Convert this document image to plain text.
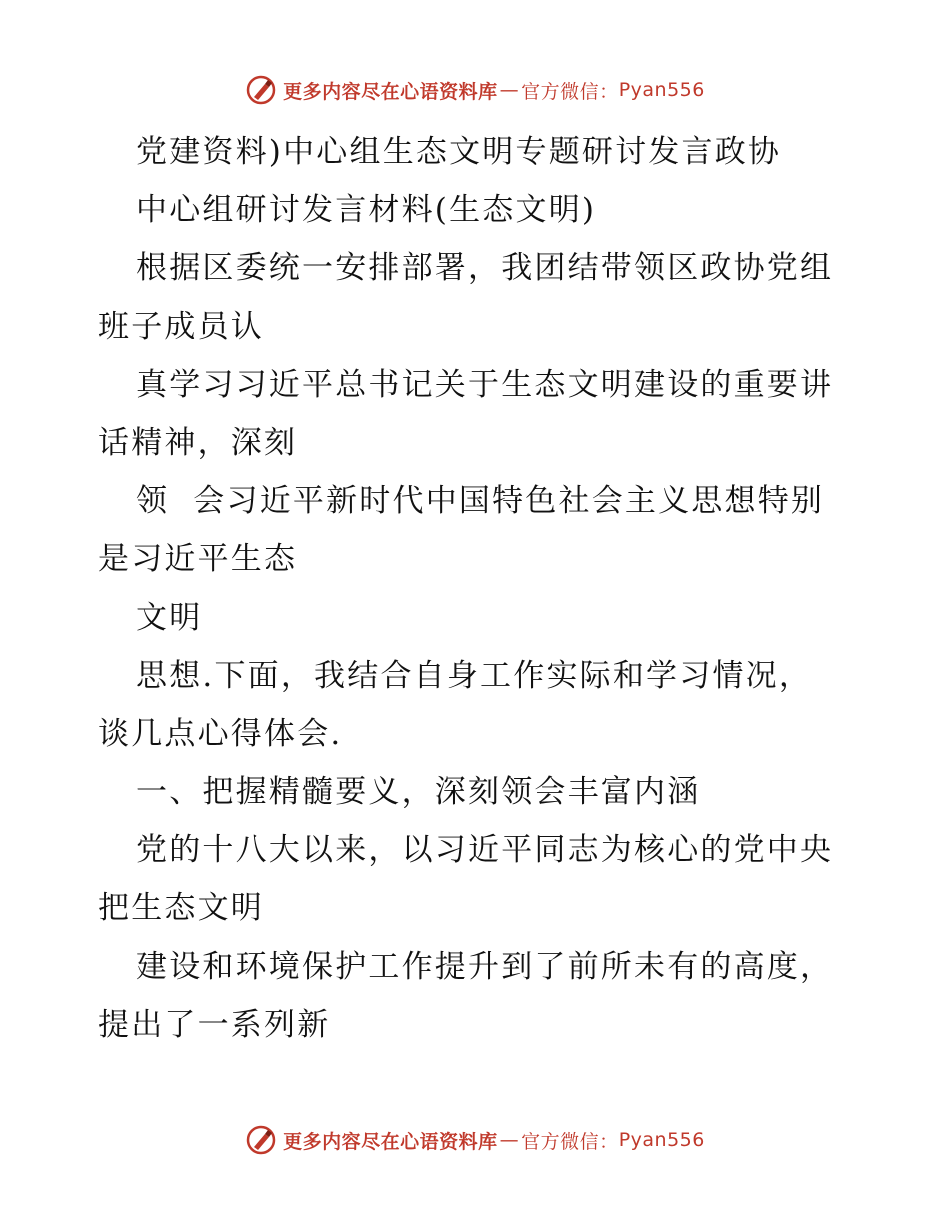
更多内容尽在心语资料库 — 官方微信： Pyan556
党建资料)中心组生态文明专题研讨发言政协
中心组研讨发言材料(生态文明)
根据区委统一安排部署，我团结带领区政协党组
班子成员认
真学习习近平总书记关于生态文明建设的重要讲
话精神，深刻
领  会习近平新时代中国特色社会主义思想特别
是习近平生态
文明
思想.下面，我结合自身工作实际和学习情况，
谈几点心得体会.
一、把握精髓要义，深刻领会丰富内涵
党的十八大以来，以习近平同志为核心的党中央
把生态文明
建设和环境保护工作提升到了前所未有的高度，
提出了一系列新
更多内容尽在心语资料库 — 官方微信： Pyan556
